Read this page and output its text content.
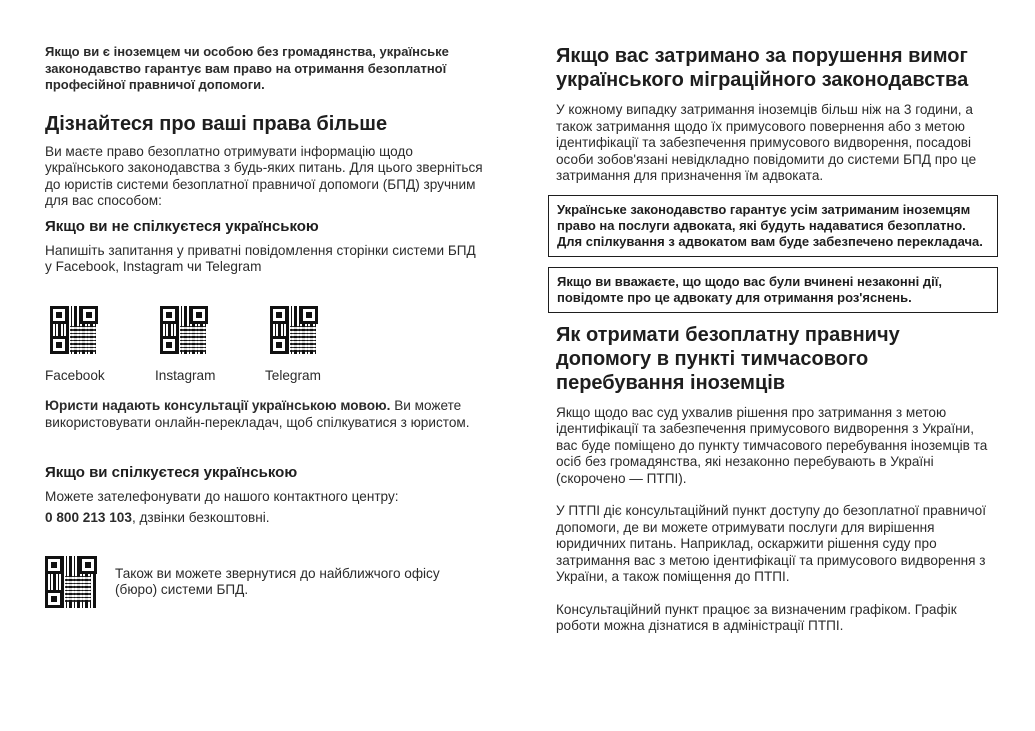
Якщо ви є іноземцем чи особою без громадянства, українське законодавство гарантує вам право на отримання безоплатної професійної правничої допомоги.

Дізнайтеся про ваші права більше

Ви маєте право безоплатно отримувати інформацію щодо українського законодавства з будь-яких питань. Для цього зверніться до юристів системи безоплатної правничої допомоги (БПД) зручним для вас способом:

Якщо ви не спілкуєтеся українською

Напишіть запитання у приватні повідомлення сторінки системи БПД у Facebook, Instagram чи Telegram

Facebook	Instagram	Telegram

Юристи надають консультації українською мовою. Ви можете використовувати онлайн-перекладач, щоб спілкуватися з юристом.

Якщо ви спілкуєтеся українською

Можете зателефонувати до нашого контактного центру:

0 800 213 103, дзвінки безкоштовні.

Також ви можете звернутися до найближчого офісу (бюро) системи БПД.

Якщо вас затримано за порушення вимог українського міграційного законодавства

У кожному випадку затримання іноземців більш ніж на 3 години, а також затримання щодо їх примусового повернення або з метою ідентифікації та забезпечення примусового видворення, посадові особи зобов'язані невідкладно повідомити до системи БПД про це затримання для призначення їм адвоката.

Українське законодавство гарантує усім затриманим іноземцям право на послуги адвоката, які будуть надаватися безоплатно. Для спілкування з адвокатом вам буде забезпечено перекладача.

Якщо ви вважаєте, що щодо вас були вчинені незаконні дії, повідомте про це адвокату для отримання роз'яснень.

Як отримати безоплатну правничу допомогу в пункті тимчасового перебування іноземців

Якщо щодо вас суд ухвалив рішення про затримання з метою ідентифікації та забезпечення примусового видворення з України, вас буде поміщено до пункту тимчасового перебування іноземців та осіб без громадянства, які незаконно перебувають в Україні (скорочено — ПТПІ).

У ПТПІ діє консультаційний пункт доступу до безоплатної правничої допомоги, де ви можете отримувати послуги для вирішення юридичних питань. Наприклад, оскаржити рішення суду про затримання вас з метою ідентифікації та примусового видворення з України, а також поміщення до ПТПІ.

Консультаційний пункт працює за визначеним графіком. Графік роботи можна дізнатися в адміністрації ПТПІ.
